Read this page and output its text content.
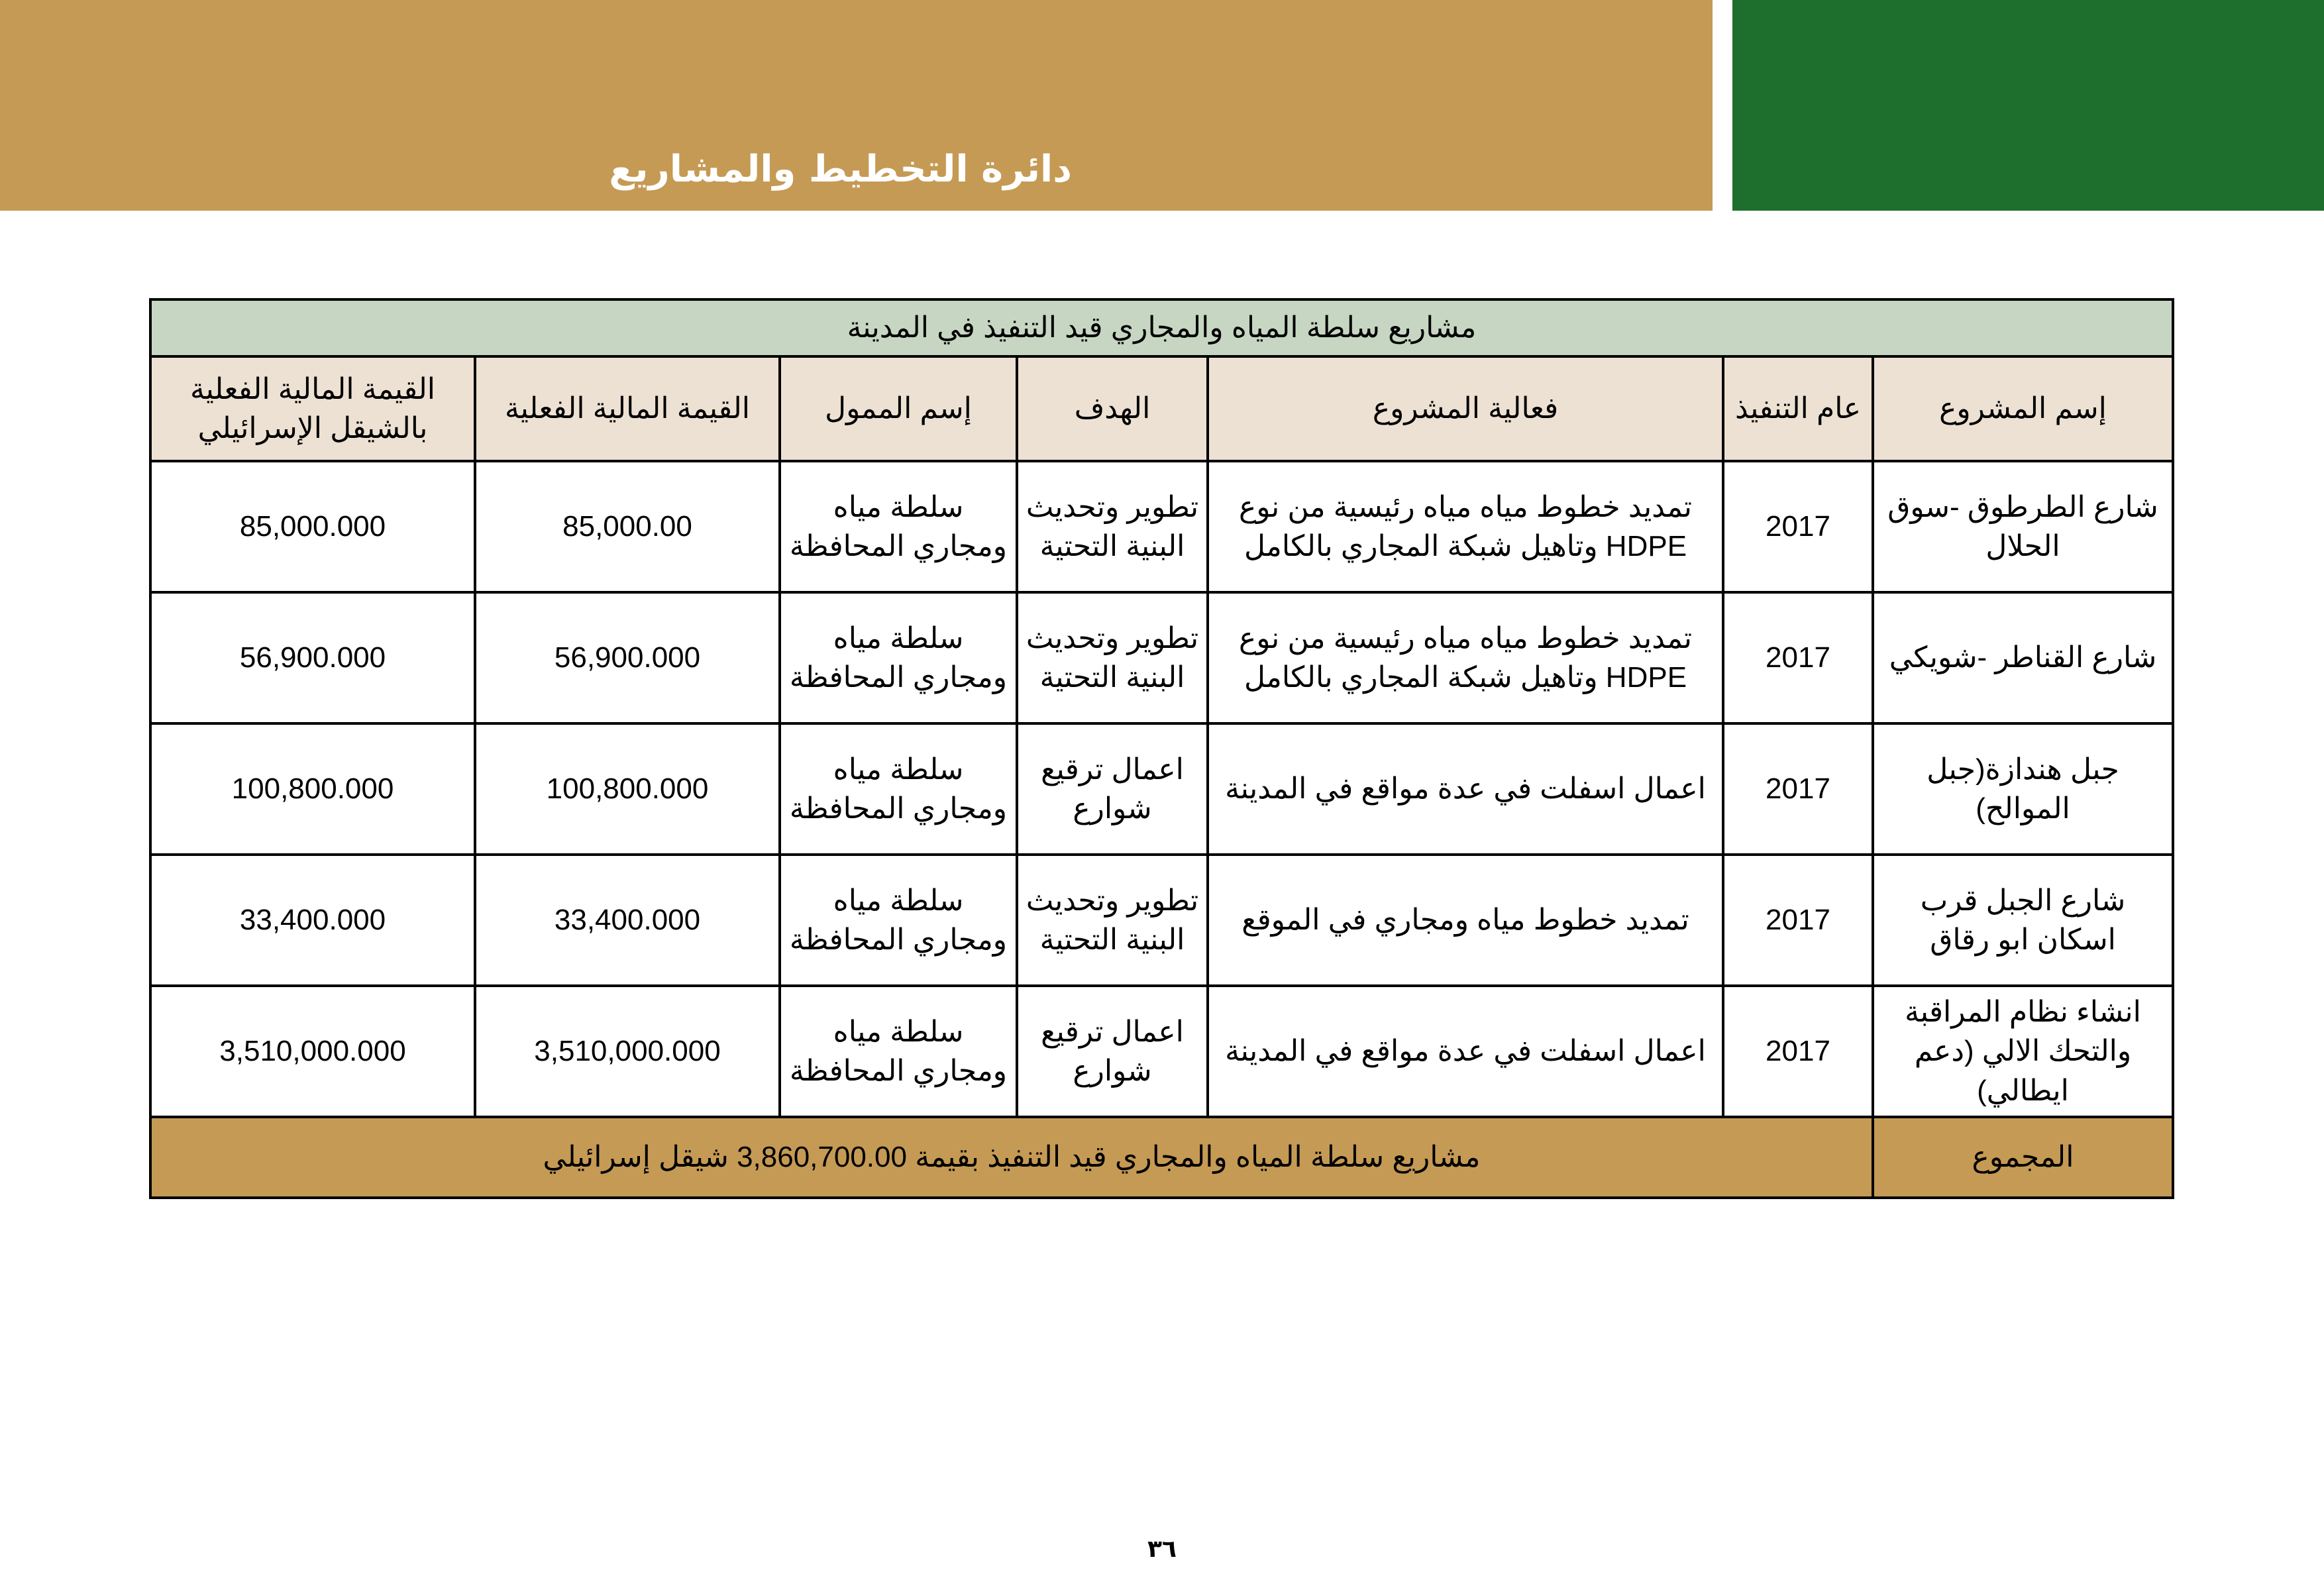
دائرة التخطيط والمشاريع
مشاريع سلطة المياه والمجاري قيد التنفيذ في المدينة						
إسم المشروع	عام التنفيذ	فعالية المشروع	الهدف	إسم الممول	القيمة المالية الفعلية	القيمة المالية الفعلية بالشيقل الإسرائيلي
شارع الطرطوق -سوق الحلال	2017	تمديد خطوط مياه مياه رئيسية من نوع HDPE وتاهيل شبكة المجاري بالكامل	تطوير وتحديث البنية التحتية	سلطة مياه ومجاري المحافظة	85,000.00	85,000.000
شارع القناطر -شويكي	2017	تمديد خطوط مياه مياه رئيسية من نوع HDPE وتاهيل شبكة المجاري بالكامل	تطوير وتحديث البنية التحتية	سلطة مياه ومجاري المحافظة	56,900.000	56,900.000
جبل هندازة(جبل الموالح)	2017	اعمال اسفلت في عدة مواقع في المدينة	اعمال ترقيع شوارع	سلطة مياه ومجاري المحافظة	100,800.000	100,800.000
شارع الجبل قرب اسكان ابو رقاق	2017	تمديد خطوط مياه ومجاري في الموقع	تطوير وتحديث البنية التحتية	سلطة مياه ومجاري المحافظة	33,400.000	33,400.000
انشاء نظام المراقبة والتحك الالي (دعم ايطالي)	2017	اعمال اسفلت في عدة مواقع في المدينة	اعمال ترقيع شوارع	سلطة مياه ومجاري المحافظة	3,510,000.000	3,510,000.000
المجموع	مشاريع سلطة المياه والمجاري قيد التنفيذ بقيمة 3,860,700.00 شيقل إسرائيلي					
٣٦
